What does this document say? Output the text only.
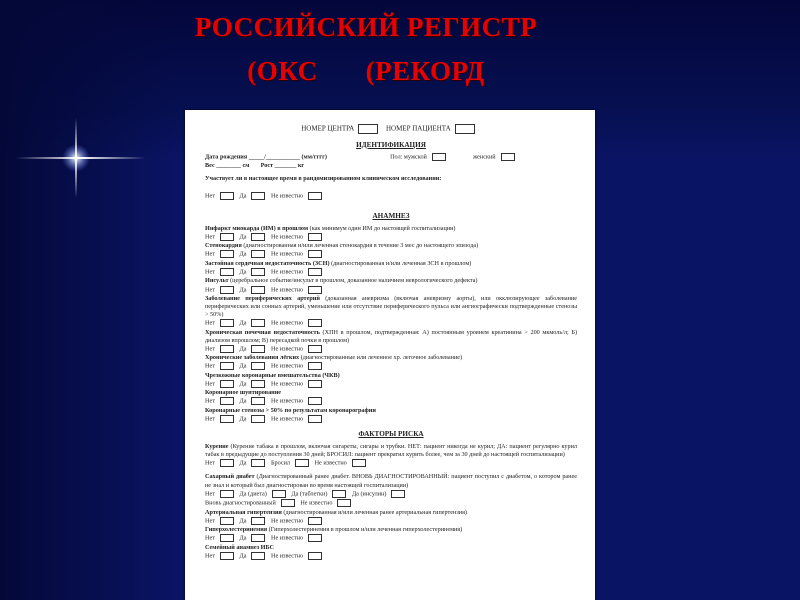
РОССИЙСКИЙ РЕГИСТР
(ОКС (РЕКОРД
НОМЕР ЦЕНТРА	НОМЕР ПАЦИЕНТА
ИДЕНТИФИКАЦИЯ
Дата рождения _____/___________ (мм/гггг)	Пол: мужской	женский
Вес ________ см Рост _______ кг
Участвует ли в настоящее время в рандомизированном клиническом исследовании:
Нет	Да	Не известно
АНАМНЕЗ
Инфаркт миокарда (ИМ) в прошлом (как минимум один ИМ до настоящей госпитализации)
Нет	Да	Не известно
Стенокардия (диагностированная и/или леченная стенокардия в течение 3 мес до настоящего эпизода)
Нет	Да	Не известно
Застойная сердечная недостаточность (ЗСН) (диагностированная и/или леченная ЗСН в прошлом)
Нет	Да	Не известно
Инсульт (церебральное событие/инсульт в прошлом, доказанное наличием неврологического дефекта)
Нет	Да	Не известно
Заболевание периферических артерий (доказанная аневризма (включая аневризму аорты), или окклюзирующее заболевание периферических или сонных артерий, уменьшение или отсутствие периферического пульса или ангиографически подтвержденные стенозы > 50%)
Нет	Да	Не известно
Хроническая почечная недостаточность (ХПН в прошлом, подтвержденная: А) постоянным уровнем креатинина > 200 мкмоль/л; Б) диализом впрошлом; В) пересадкой почки в прошлом)
Нет	Да	Не известно
Хронические заболевания лёгких (диагностированные или леченное хр. легочное заболевание)
Нет	Да	Не известно
Чрезкожные коронарные вмешательства (ЧКВ)
Нет	Да	Не известно
Коронарное шунтирование
Нет	Да	Не известно
Коронарные стенозы > 50% по результатам коронарографии
Нет	Да	Не известно
ФАКТОРЫ РИСКА
Курение (Курение табака в прошлом, включая сигареты, сигары и трубки. НЕТ: пациент никогда не курил; ДА: пациент регулярно курил табак в предыдущие до поступления 30 дней; БРОСИЛ: пациент прекратил курить более, чем за 30 дней до настоящей госпитализации)
Нет	Да	Бросил	Не известно
Сахарный диабет (Диагностированный ранее диабет. ВНОВЬ ДИАГНОСТИРОВАННЫЙ: пациент поступил с диабетом, о котором ранее не знал и который был диагностирован во время настоящей госпитализации)
Нет	Да (диета)	Да (таблетки)	Да (инсулин)
Вновь диагностированный	Не известно
Артериальная гипертензия (диагностированная и/или леченная ранее артериальная гипертензия)
Нет	Да	Не известно
Гиперхолестеринемия (Гиперхолестеринемия в прошлом и/или леченная гиперхолестеринемия)
Нет	Да	Не известно
Семейный анамнез ИБС
Нет	Да	Не известно
